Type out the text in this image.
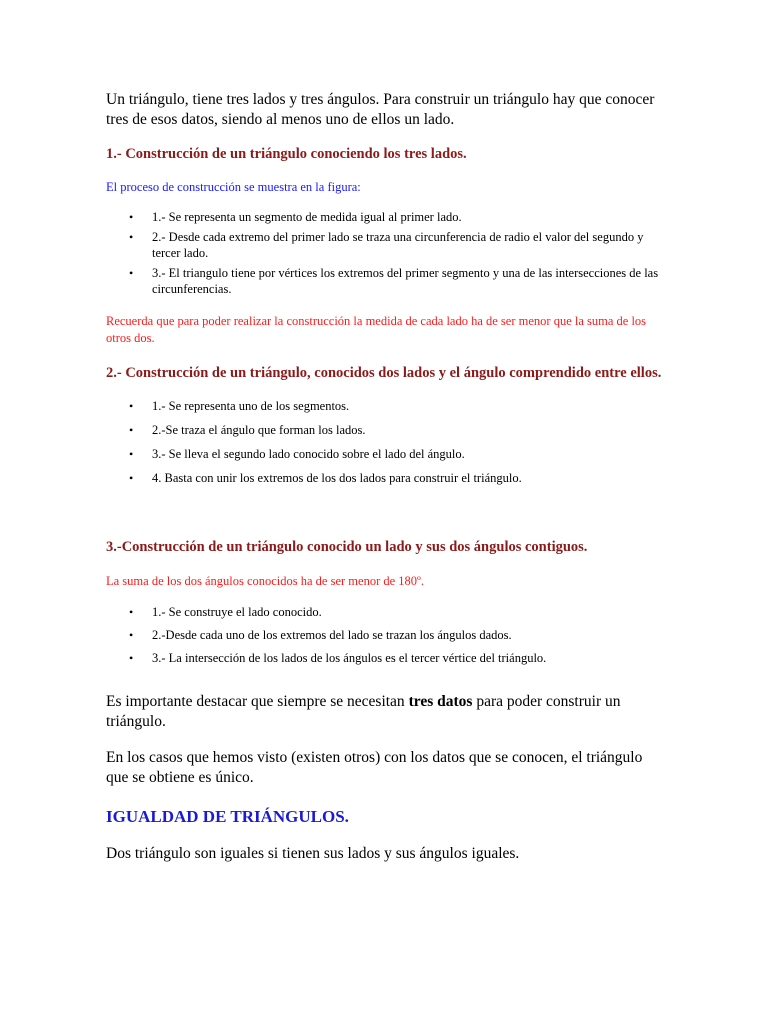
Un triángulo, tiene tres lados y tres ángulos. Para construir un triángulo hay que conocer tres de esos datos, siendo al menos uno de ellos un lado.

1.- Construcción de un triángulo conociendo los tres lados.

El proceso de construcción se muestra en la figura:

• 1.- Se representa un segmento de medida igual al primer lado.
• 2.- Desde cada extremo del primer lado se traza una circunferencia de radio el valor del segundo y tercer lado.
• 3.- El triangulo tiene por vértices los extremos del primer segmento y una de las intersecciones de las circunferencias.

Recuerda que para poder realizar la construcción la medida de cada lado ha de ser menor que la suma de los otros dos.

2.- Construcción de un triángulo, conocidos dos lados y el ángulo comprendido entre ellos.

• 1.- Se representa uno de los segmentos.
• 2.-Se traza el ángulo que forman los lados.
• 3.- Se lleva el segundo lado conocido sobre el lado del ángulo.
• 4. Basta con unir los extremos de los dos lados para construir el triángulo.

3.-Construcción de un triángulo conocido un lado y sus dos ángulos contiguos.

La suma de los dos ángulos conocidos ha de ser menor de 180º.

• 1.- Se construye el lado conocido.
• 2.-Desde cada uno de los extremos del lado se trazan los ángulos dados.
• 3.- La intersección de los lados de los ángulos es el tercer vértice del triángulo.

Es importante destacar que siempre se necesitan tres datos para poder construir un triángulo.

En los casos que hemos visto (existen otros) con los datos que se conocen, el triángulo que se obtiene es único.

IGUALDAD DE TRIÁNGULOS.

Dos triángulo son iguales si tienen sus lados y sus ángulos iguales.
